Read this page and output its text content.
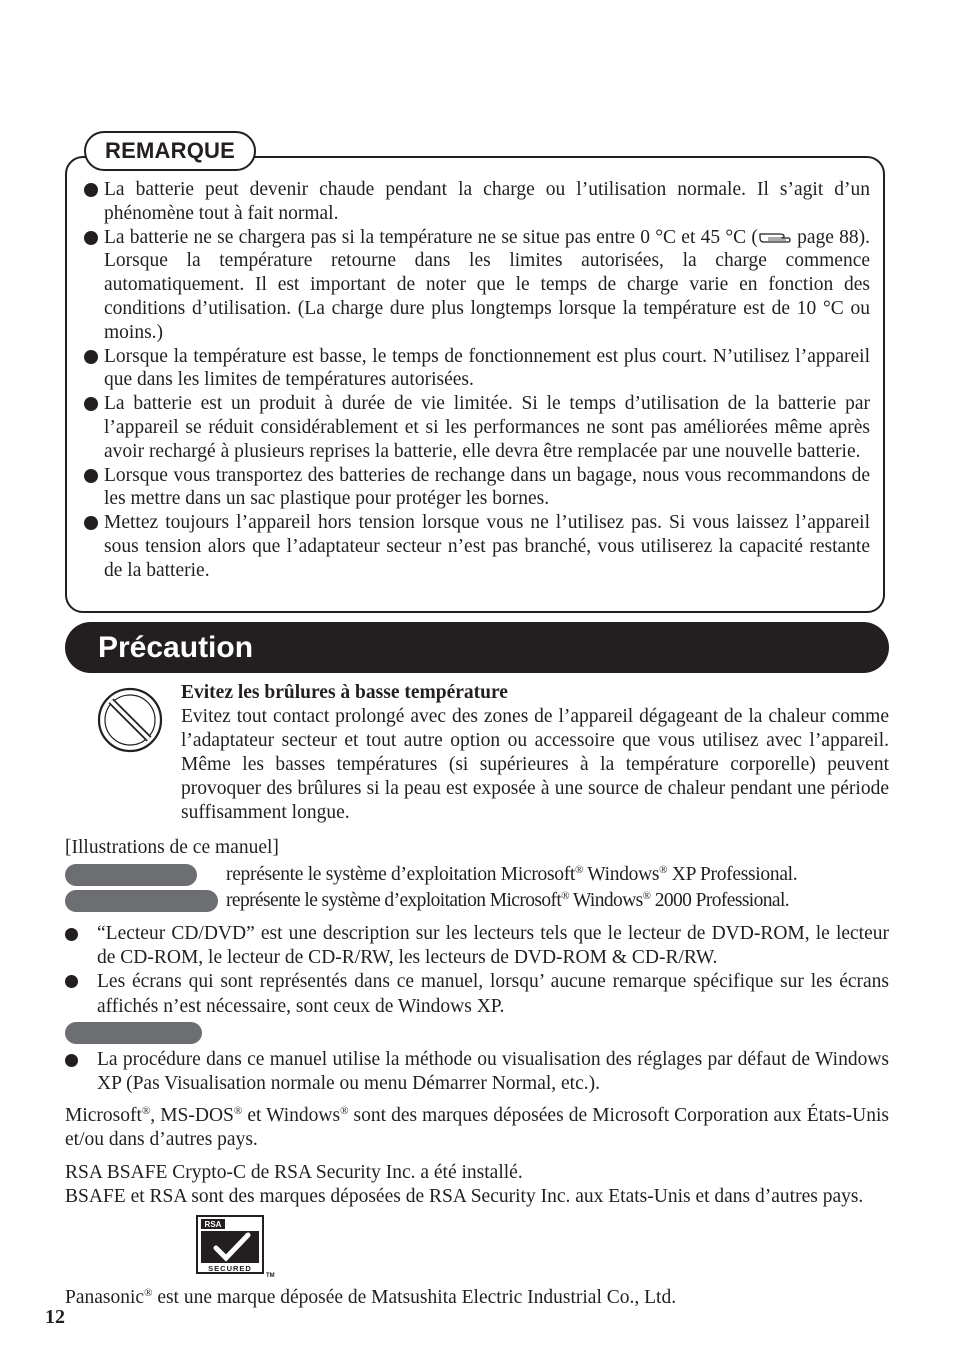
REMARQUE
La batterie peut devenir chaude pendant la charge ou l’utilisation normale. Il s’agit d’un phénomène tout à fait normal.
La batterie ne se chargera pas si la température ne se situe pas entre 0 °C et 45 °C ( page 88). Lorsque la température retourne dans les limites autorisées, la charge commence automatiquement. Il est important de noter que le temps de charge varie en fonction des conditions d’utilisation. (La charge dure plus longtemps lorsque la température est de 10 °C ou moins.)
Lorsque la température est basse, le temps de fonctionnement est plus court. N’utilisez l’appareil que dans les limites de températures autorisées.
La batterie est un produit à durée de vie limitée. Si le temps d’utilisation de la batterie par l’appareil se réduit considérablement et si les performances ne sont pas améliorées même après avoir rechargé à plusieurs reprises la batterie, elle devra être remplacée par une nouvelle batterie.
Lorsque vous transportez des batteries de rechange dans un bagage, nous vous recommandons de les mettre dans un sac plastique pour protéger les bornes.
Mettez toujours l’appareil hors tension lorsque vous ne l’utilisez pas. Si vous laissez l’appareil sous tension alors que l’adaptateur secteur n’est pas branché, vous utiliserez la capacité restante de la batterie.
Précaution
Evitez les brûlures à basse température
Evitez tout contact prolongé avec des zones de l’appareil dégageant de la chaleur comme l’adaptateur secteur et tout autre option ou accessoire que vous utilisez avec l’appareil. Même les basses températures (si supérieures à la température corporelle) peuvent provoquer des brûlures si la peau est exposée à une source de chaleur pendant une période suffisamment longue.
[Illustrations de ce manuel]
représente le système d’exploitation Microsoft® Windows® XP Professional.
représente le système d’exploitation Microsoft® Windows® 2000 Professional.
“Lecteur CD/DVD” est une description sur les lecteurs tels que le lecteur de DVD-ROM, le lecteur de CD-ROM, le lecteur de CD-R/RW, les lecteurs de DVD-ROM & CD-R/RW.
Les écrans qui sont représentés dans ce manuel, lorsqu’ aucune remarque spécifique sur les écrans affichés n’est nécessaire, sont ceux de Windows XP.
La procédure dans ce manuel utilise la méthode ou visualisation des réglages par défaut de Windows XP (Pas Visualisation normale ou menu Démarrer Normal, etc.).
Microsoft®, MS-DOS® et Windows® sont des marques déposées de Microsoft Corporation aux États-Unis et/ou dans d’autres pays.
RSA BSAFE Crypto-C de RSA Security Inc. a été installé.
BSAFE et RSA sont des marques déposées de RSA Security Inc. aux Etats-Unis et dans d’autres pays.
RSA
SECURED
TM
Panasonic® est une marque déposée de Matsushita Electric Industrial Co., Ltd.
12
